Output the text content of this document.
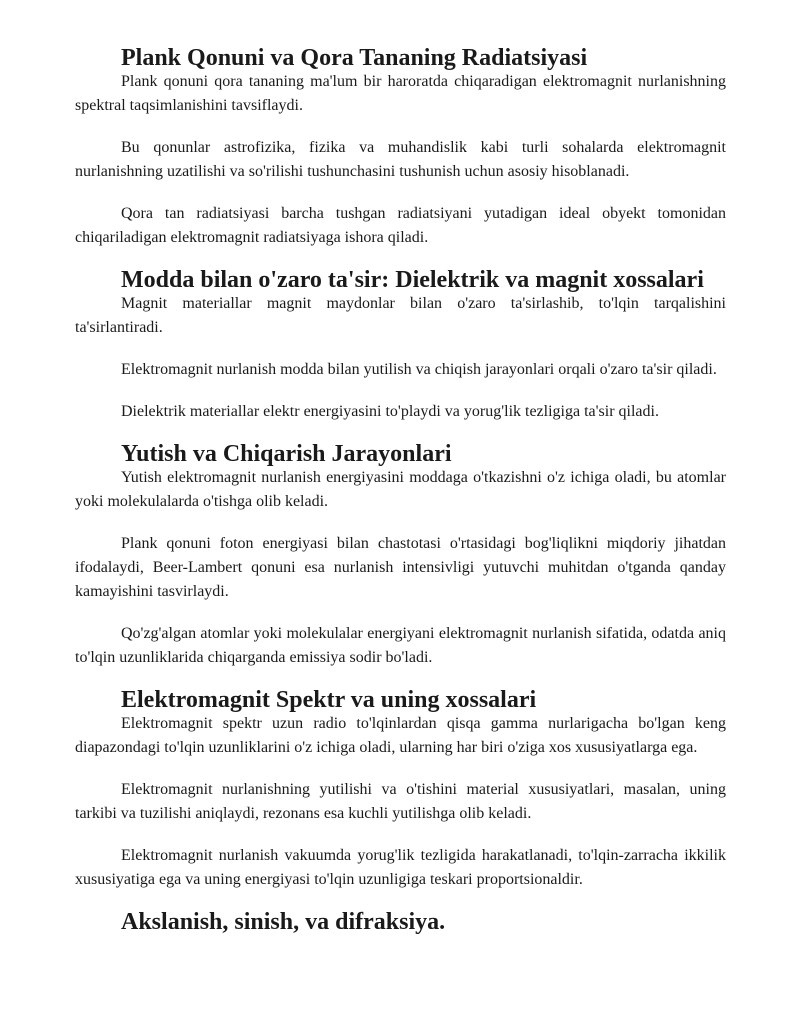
Plank Qonuni va Qora Tananing Radiatsiyasi

Plank qonuni qora tananing ma'lum bir haroratda chiqaradigan elektromagnit nurlanishning spektral taqsimlanishini tavsiflaydi.

Bu qonunlar astrofizika, fizika va muhandislik kabi turli sohalarda elektromagnit nurlanishning uzatilishi va so'rilishi tushunchasini tushunish uchun asosiy hisoblanadi.

Qora tan radiatsiyasi barcha tushgan radiatsiyani yutadigan ideal obyekt tomonidan chiqariladigan elektromagnit radiatsiyaga ishora qiladi.

Modda bilan o'zaro ta'sir: Dielektrik va magnit xossalari

Magnit materiallar magnit maydonlar bilan o'zaro ta'sirlashib, to'lqin tarqalishini ta'sirlantiradi.

Elektromagnit nurlanish modda bilan yutilish va chiqish jarayonlari orqali o'zaro ta'sir qiladi.

Dielektrik materiallar elektr energiyasini to'playdi va yorug'lik tezligiga ta'sir qiladi.

Yutish va Chiqarish Jarayonlari

Yutish elektromagnit nurlanish energiyasini moddaga o'tkazishni o'z ichiga oladi, bu atomlar yoki molekulalarda o'tishga olib keladi.

Plank qonuni foton energiyasi bilan chastotasi o'rtasidagi bog'liqlikni miqdoriy jihatdan ifodalaydi, Beer-Lambert qonuni esa nurlanish intensivligi yutuvchi muhitdan o'tganda qanday kamayishini tasvirlaydi.

Qo'zg'algan atomlar yoki molekulalar energiyani elektromagnit nurlanish sifatida, odatda aniq to'lqin uzunliklarida chiqarganda emissiya sodir bo'ladi.

Elektromagnit Spektr va uning xossalari

Elektromagnit spektr uzun radio to'lqinlardan qisqa gamma nurlarigacha bo'lgan keng diapazondagi to'lqin uzunliklarini o'z ichiga oladi, ularning har biri o'ziga xos xususiyatlarga ega.

Elektromagnit nurlanishning yutilishi va o'tishini material xususiyatlari, masalan, uning tarkibi va tuzilishi aniqlaydi, rezonans esa kuchli yutilishga olib keladi.

Elektromagnit nurlanish vakuumda yorug'lik tezligida harakatlanadi, to'lqin-zarracha ikkilik xususiyatiga ega va uning energiyasi to'lqin uzunligiga teskari proportsionaldir.

Akslanish, sinish, va difraksiya.
